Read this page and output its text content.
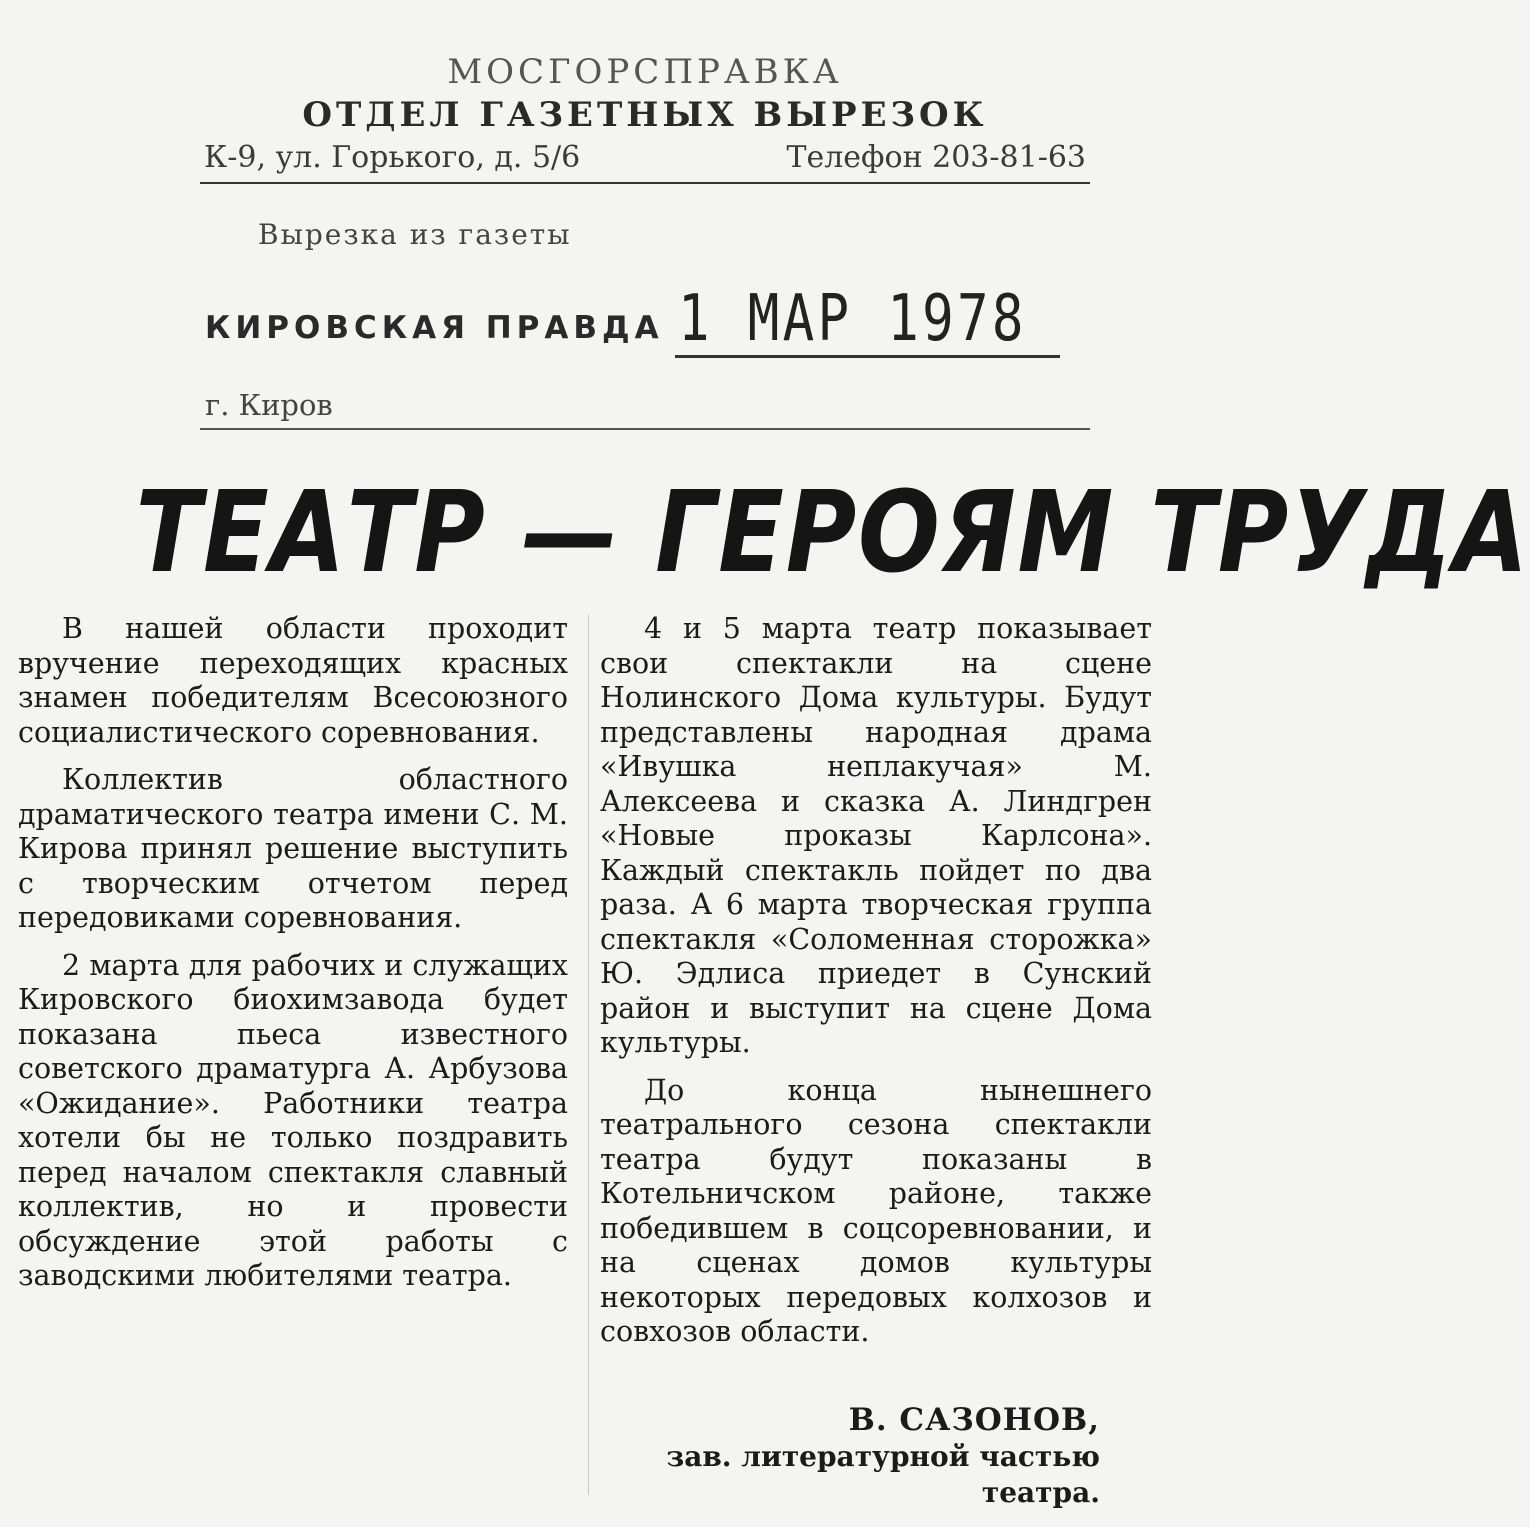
МОСГОРСПРАВКА
ОТДЕЛ ГАЗЕТНЫХ ВЫРЕЗОК
К-9, ул. Горького, д. 5/6	Телефон 203-81-63
Вырезка из газеты
КИРОВСКАЯ ПРАВДА 1 МАР 1978
г. Киров
ТЕАТР — ГЕРОЯМ ТРУДА

В нашей области проходит вручение переходящих красных знамен победителям Всесоюзного социалистического соревнования.

Коллектив областного драматического театра имени С. М. Кирова принял решение выступить с творческим отчетом перед передовиками соревнования.

2 марта для рабочих и служащих Кировского биохимзавода будет показана пьеса известного советского драматурга А. Арбузова «Ожидание». Работники театра хотели бы не только поздравить перед началом спектакля славный коллектив, но и провести обсуждение этой работы с заводскими любителями театра.

4 и 5 марта театр показывает свои спектакли на сцене Нолинского Дома культуры. Будут представлены народная драма «Ивушка неплакучая» М. Алексеева и сказка А. Линдгрен «Новые проказы Карлсона». Каждый спектакль пойдет по два раза. А 6 марта творческая группа спектакля «Соломенная сторожка» Ю. Эдлиса приедет в Сунский район и выступит на сцене Дома культуры.

До конца нынешнего театрального сезона спектакли театра будут показаны в Котельничском районе, также победившем в соцсоревновании, и на сценах домов культуры некоторых передовых колхозов и совхозов области.

В. САЗОНОВ,
зав. литературной частью
театра.
